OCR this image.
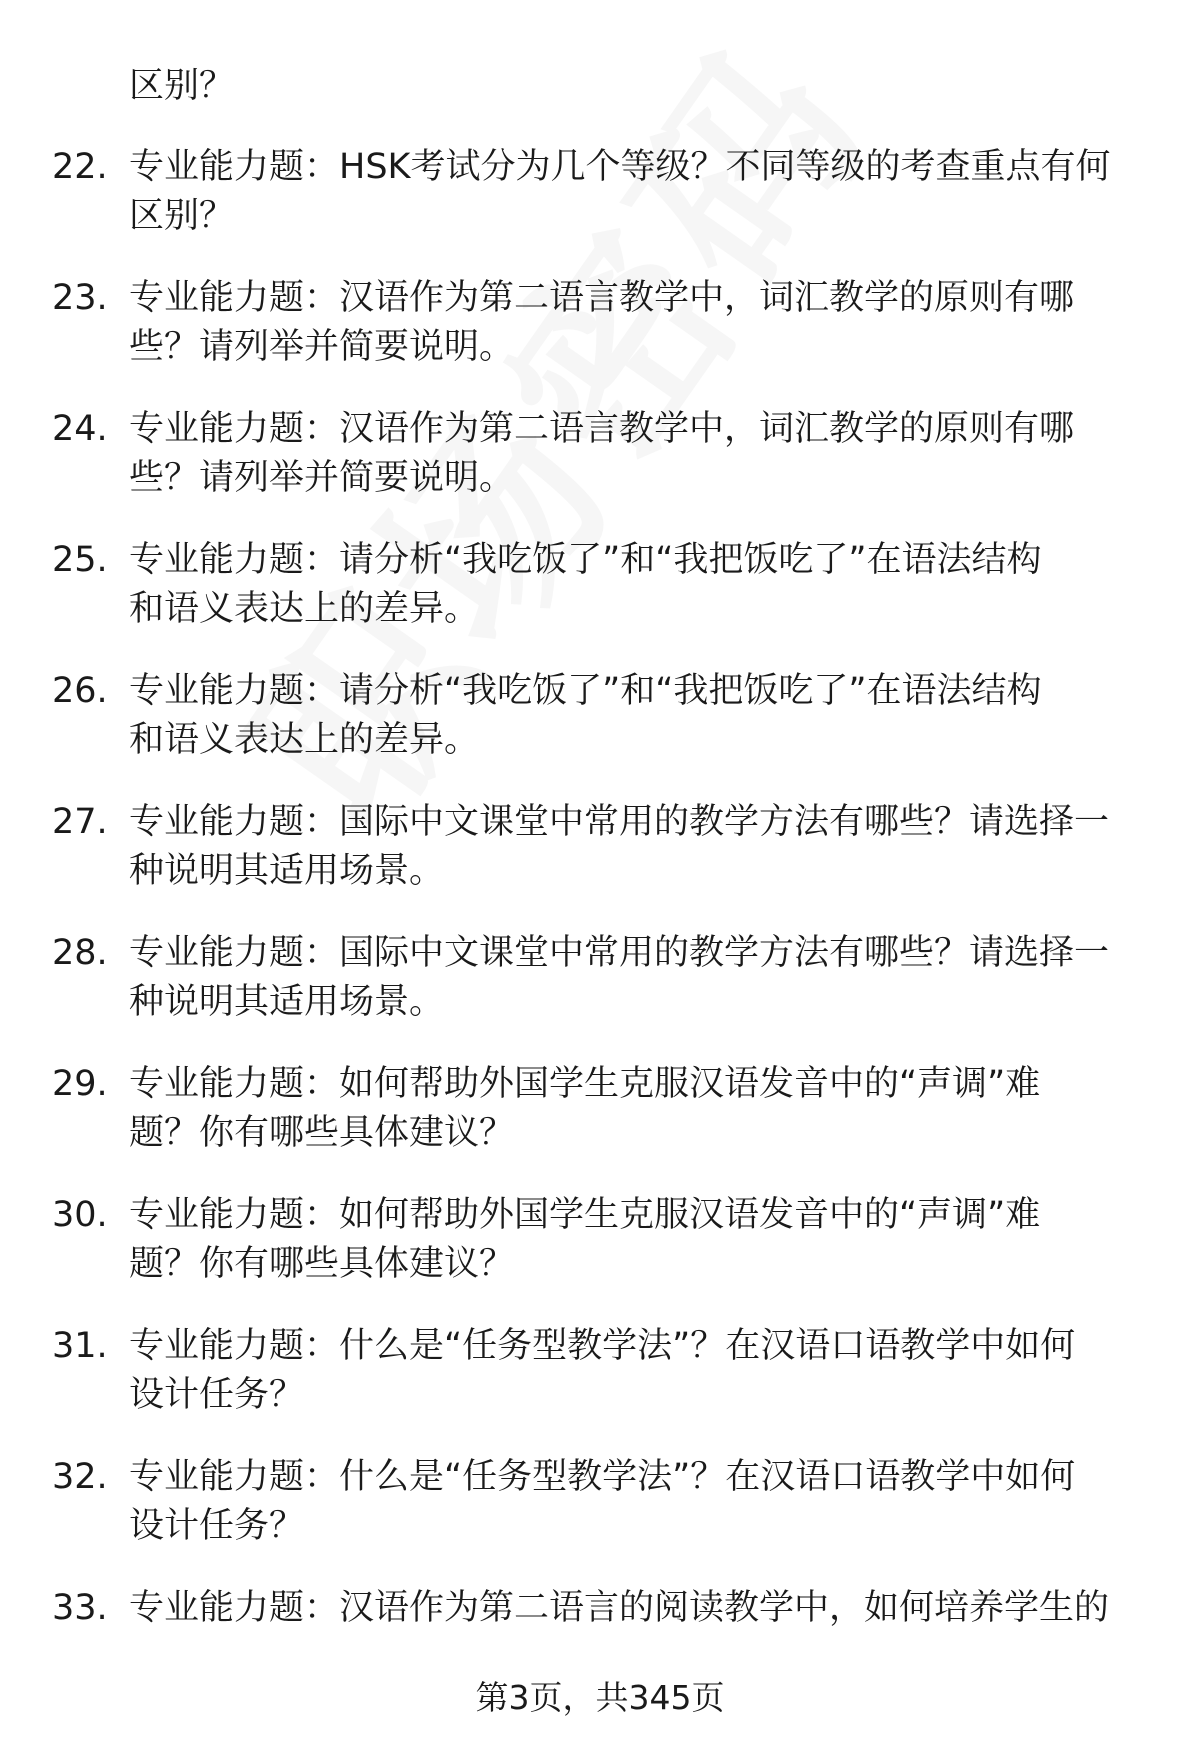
区别？
22. 专业能力题：HSK考试分为几个等级？不同等级的考查重点有何
区别？
23. 专业能力题：汉语作为第二语言教学中，词汇教学的原则有哪
些？请列举并简要说明。
24. 专业能力题：汉语作为第二语言教学中，词汇教学的原则有哪
些？请列举并简要说明。
25. 专业能力题：请分析“我吃饭了”和“我把饭吃了”在语法结构
和语义表达上的差异。
26. 专业能力题：请分析“我吃饭了”和“我把饭吃了”在语法结构
和语义表达上的差异。
27. 专业能力题：国际中文课堂中常用的教学方法有哪些？请选择一
种说明其适用场景。
28. 专业能力题：国际中文课堂中常用的教学方法有哪些？请选择一
种说明其适用场景。
29. 专业能力题：如何帮助外国学生克服汉语发音中的“声调”难
题？你有哪些具体建议？
30. 专业能力题：如何帮助外国学生克服汉语发音中的“声调”难
题？你有哪些具体建议？
31. 专业能力题：什么是“任务型教学法”？在汉语口语教学中如何
设计任务？
32. 专业能力题：什么是“任务型教学法”？在汉语口语教学中如何
设计任务？
33. 专业能力题：汉语作为第二语言的阅读教学中，如何培养学生的
第3页，共345页
